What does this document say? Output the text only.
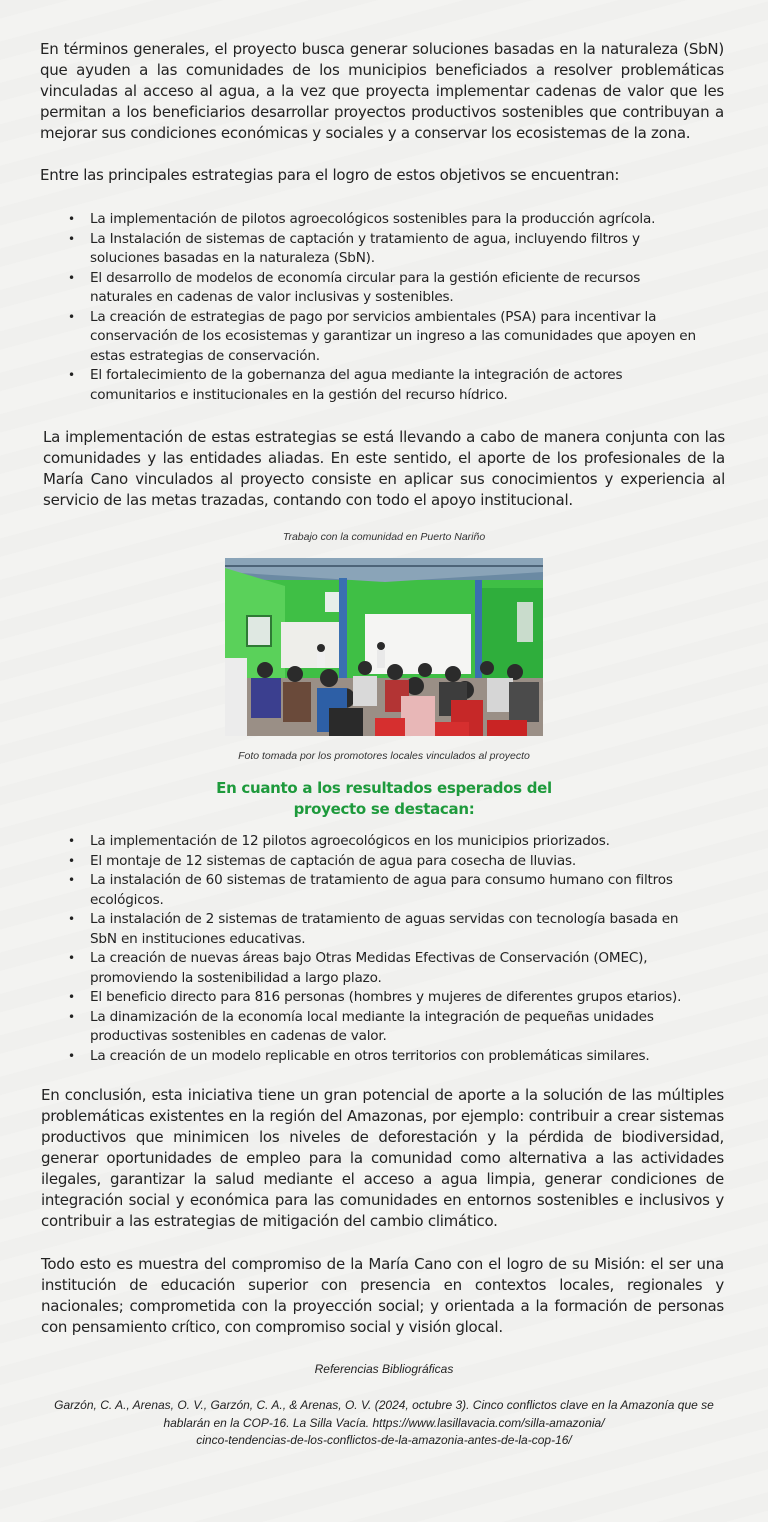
En términos generales, el proyecto busca generar soluciones basadas en la naturaleza (SbN) que ayuden a las comunidades de los municipios beneficiados a resolver problemáticas vinculadas al acceso al agua, a la vez que proyecta implementar cadenas de valor que les permitan a los beneficiarios desarrollar proyectos productivos sostenibles que contribuyan a mejorar sus condiciones económicas y sociales y a conservar los ecosistemas de la zona.

Entre las principales estrategias para el logro de estos objetivos se encuentran:

• La implementación de pilotos agroecológicos sostenibles para la producción agrícola.
• La Instalación de sistemas de captación y tratamiento de agua, incluyendo filtros y soluciones basadas en la naturaleza (SbN).
• El desarrollo de modelos de economía circular para la gestión eficiente de recursos naturales en cadenas de valor inclusivas y sostenibles.
• La creación de estrategias de pago por servicios ambientales (PSA) para incentivar la conservación de los ecosistemas y garantizar un ingreso a las comunidades que apoyen en estas estrategias de conservación.
• El fortalecimiento de la gobernanza del agua mediante la integración de actores comunitarios e institucionales en la gestión del recurso hídrico.

La implementación de estas estrategias se está llevando a cabo de manera conjunta con las comunidades y las entidades aliadas. En este sentido, el aporte de los profesionales de la María Cano vinculados al proyecto consiste en aplicar sus conocimientos y experiencia al servicio de las metas trazadas, contando con todo el apoyo institucional.

Trabajo con la comunidad en Puerto Nariño

Foto tomada por los promotores locales vinculados al proyecto

En cuanto a los resultados esperados del
proyecto se destacan:
• La implementación de 12 pilotos agroecológicos en los municipios priorizados.
• El montaje de 12 sistemas de captación de agua para cosecha de lluvias.
• La instalación de 60 sistemas de tratamiento de agua para consumo humano con filtros ecológicos.
• La instalación de 2 sistemas de tratamiento de aguas servidas con tecnología basada en SbN en instituciones educativas.
• La creación de nuevas áreas bajo Otras Medidas Efectivas de Conservación (OMEC), promoviendo la sostenibilidad a largo plazo.
• El beneficio directo para 816 personas (hombres y mujeres de diferentes grupos etarios).
• La dinamización de la economía local mediante la integración de pequeñas unidades productivas sostenibles en cadenas de valor.
• La creación de un modelo replicable en otros territorios con problemáticas similares.

En conclusión, esta iniciativa tiene un gran potencial de aporte a la solución de las múltiples problemáticas existentes en la región del Amazonas, por ejemplo: contribuir a crear sistemas productivos que minimicen los niveles de deforestación y la pérdida de biodiversidad, generar oportunidades de empleo para la comunidad como alternativa a las actividades ilegales, garantizar la salud mediante el acceso a agua limpia, generar condiciones de integración social y económica para las comunidades en entornos sostenibles e inclusivos y contribuir a las estrategias de mitigación del cambio climático.

Todo esto es muestra del compromiso de la María Cano con el logro de su Misión: el ser una institución de educación superior con presencia en contextos locales, regionales y nacionales; comprometida con la proyección social; y orientada a la formación de personas con pensamiento crítico, con compromiso social y visión glocal.

Referencias Bibliográficas

Garzón, C. A., Arenas, O. V., Garzón, C. A., & Arenas, O. V. (2024, octubre 3). Cinco conflictos clave en la Amazonía que se
hablarán en la COP-16. La Silla Vacía. https://www.lasillavacia.com/silla-amazonia/
cinco-tendencias-de-los-conflictos-de-la-amazonia-antes-de-la-cop-16/
